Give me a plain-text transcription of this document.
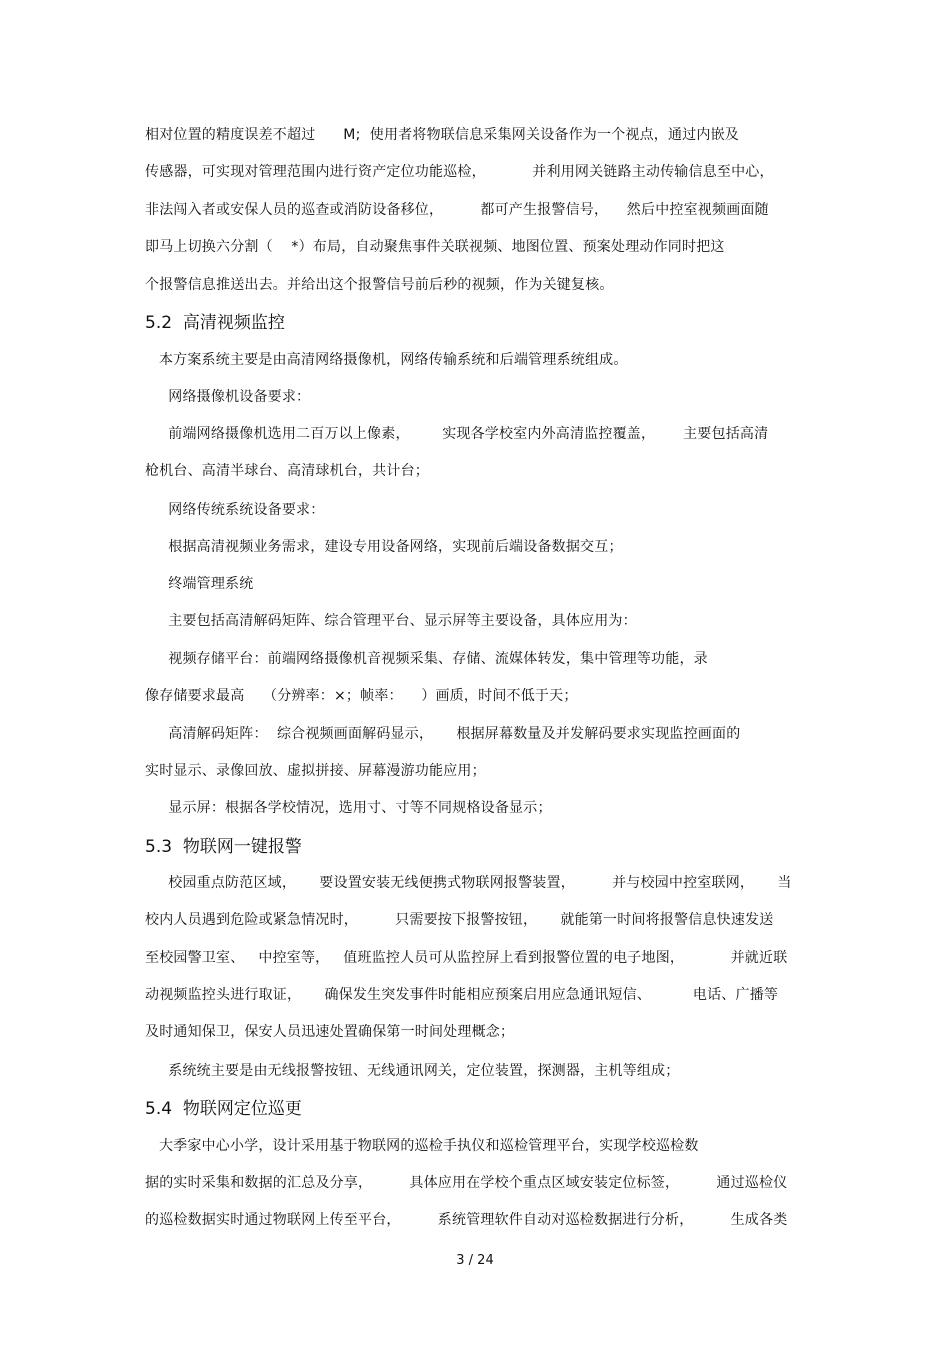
相对位置的精度误差不超过      M;  使用者将物联信息采集网关设备作为一个视点，通过内嵌及
传感器，可实现对管理范围内进行资产定位功能巡检，          并利用网关链路主动传输信息至中心，
非法闯入者或安保人员的巡查或消防设备移位，        都可产生报警信号，    然后中控室视频画面随
即马上切换六分割（    *）布局，自动聚焦事件关联视频、地图位置、预案处理动作同时把这
个报警信息推送出去。并给出这个报警信号前后秒的视频，作为关键复核。
5.2  高清视频监控
本方案系统主要是由高清网络摄像机，网络传输系统和后端管理系统组成。
网络摄像机设备要求：
前端网络摄像机选用二百万以上像素，       实现各学校室内外高清监控覆盖，      主要包括高清
枪机台、高清半球台、高清球机台，共计台；
网络传统系统设备要求：
根据高清视频业务需求，建设专用设备网络，实现前后端设备数据交互；
终端管理系统
主要包括高清解码矩阵、综合管理平台、显示屏等主要设备，具体应用为：
视频存储平台：前端网络摄像机音视频采集、存储、流媒体转发，集中管理等功能，录
像存储要求最高    （分辨率：×；帧率：    ）画质，时间不低于天；
高清解码矩阵：  综合视频画面解码显示，     根据屏幕数量及并发解码要求实现监控画面的
实时显示、录像回放、虚拟拼接、屏幕漫游功能应用；
显示屏：根据各学校情况，选用寸、寸等不同规格设备显示；
5.3  物联网一键报警
校园重点防范区域，     要设置安装无线便携式物联网报警装置，        并与校园中控室联网，     当
校内人员遇到危险或紧急情况时，        只需要按下报警按钮，     就能第一时间将报警信息快速发送
至校园警卫室、   中控室等，   值班监控人员可从监控屏上看到报警位置的电子地图，          并就近联
动视频监控头进行取证，     确保发生突发事件时能相应预案启用应急通讯短信、         电话、广播等
及时通知保卫，保安人员迅速处置确保第一时间处理概念；
系统统主要是由无线报警按钮、无线通讯网关，定位装置，探测器，主机等组成；
5.4  物联网定位巡更
大季家中心小学，设计采用基于物联网的巡检手执仪和巡检管理平台，实现学校巡检数
据的实时采集和数据的汇总及分享，        具体应用在学校个重点区域安装定位标签，        通过巡检仪
的巡检数据实时通过物联网上传至平台，        系统管理软件自动对巡检数据进行分析，        生成各类
3 / 24
